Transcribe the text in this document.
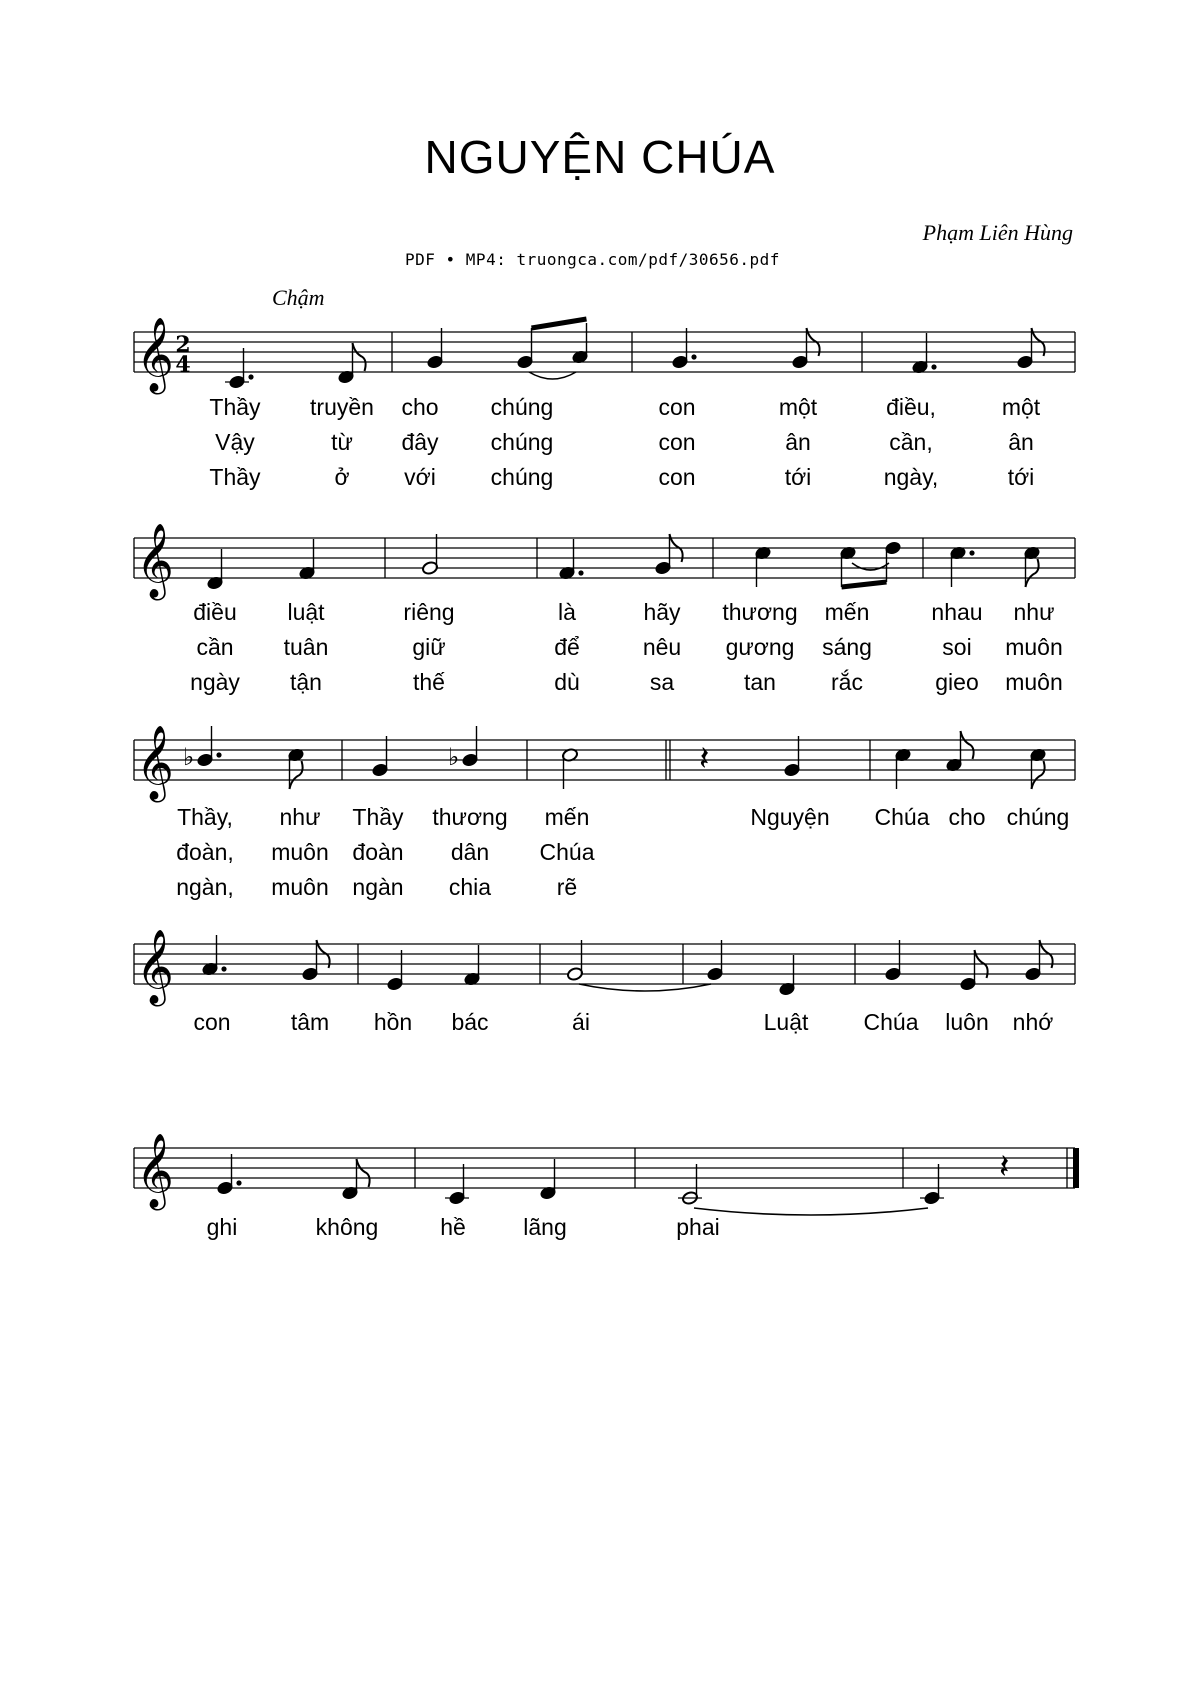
NGUYỆN CHÚA
Phạm Liên Hùng
PDF • MP4: truongca.com/pdf/30656.pdf
Chậm
𝄞 2
4
Thầy truyền cho chúng	con	một	điều,	một
Vậy	từ đây chúng	con	ân	cần,	ân
Thầy	ở với chúng	con	tới	ngày,	tới
𝄞
điều luật	riêng	là	hãy thương mến	nhau như
cần tuân	giữ	để	nêu gương sáng	soi muôn
ngày tận	thế	dù	sa	tan rắc	gieo muôn
𝄞 ♭	♭	𝄽
Thầy, như Thầy thương mến	Nguyện Chúa cho chúng
đoàn, muôn đoàn dân Chúa
ngàn, muôn ngàn chia	rẽ
𝄞
con	tâm hồn bác	ái	Luật Chúa luôn nhớ
𝄞	𝄽
ghi	không	hề lãng	phai
